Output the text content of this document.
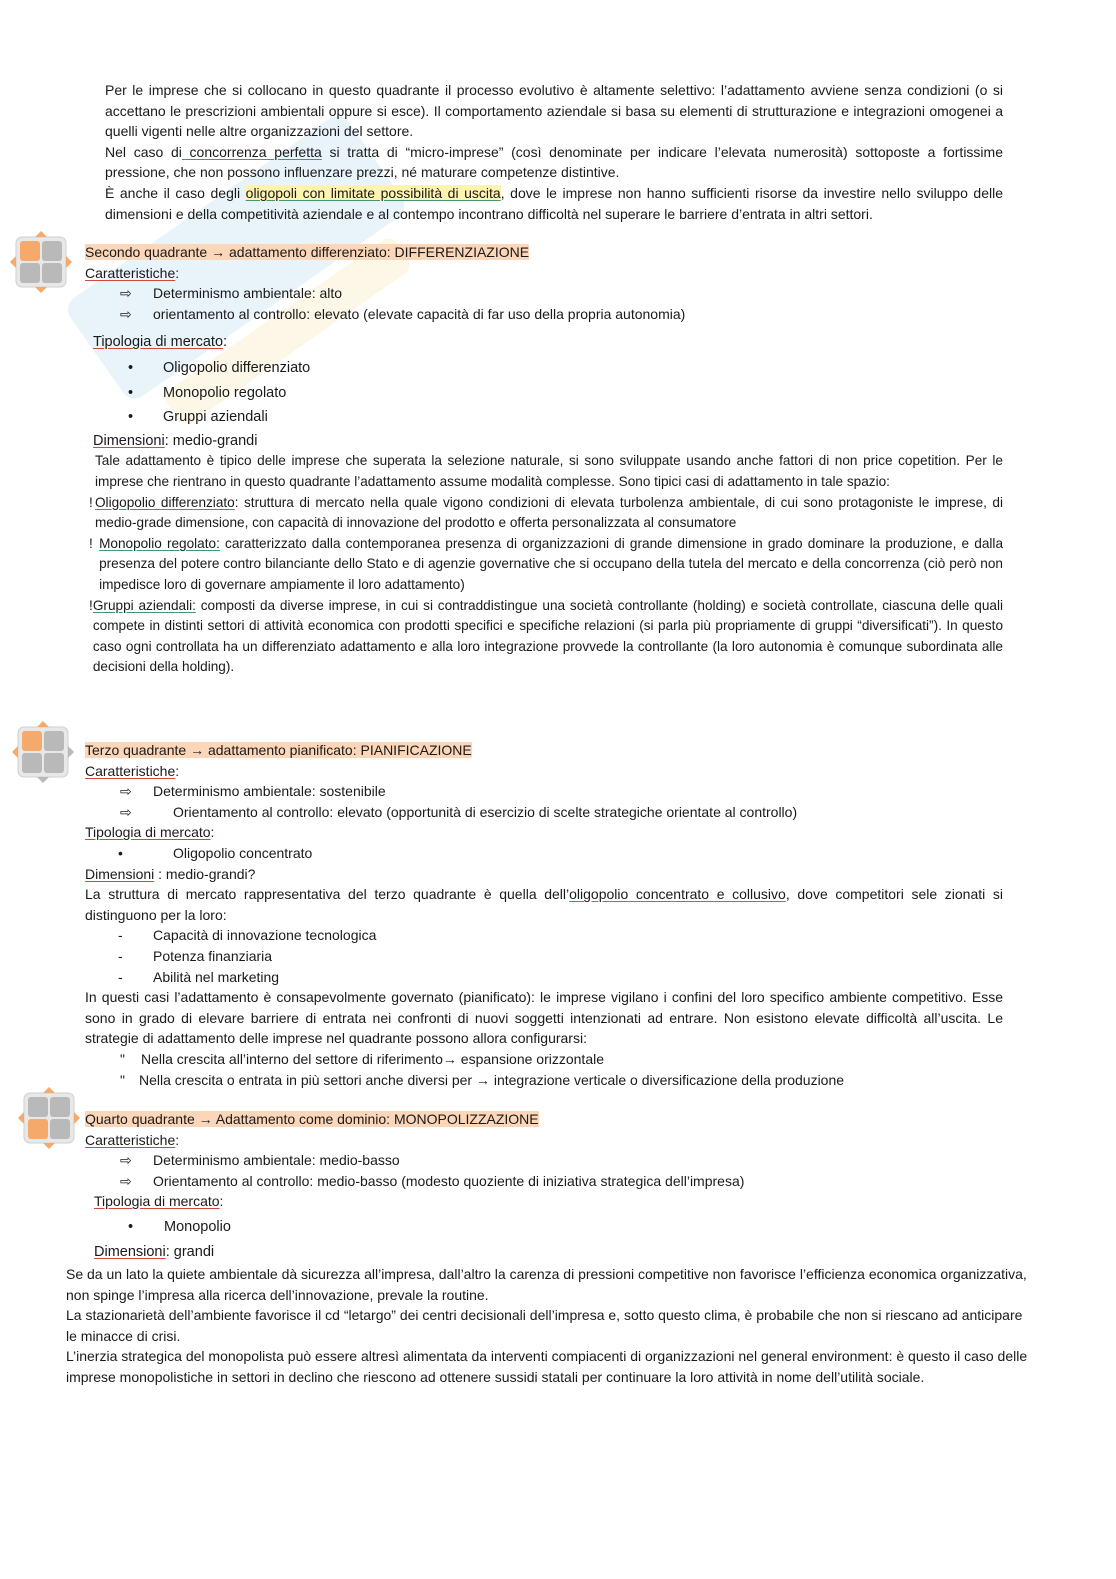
Per le imprese che si collocano in questo quadrante il processo evolutivo è altamente selettivo: l’adattamento avviene senza condizioni (o si accettano le prescrizioni ambientali oppure si esce). Il comportamento aziendale si basa su elementi di strutturazione e integrazioni omogenei a quelli vigenti nelle altre organizzazioni del settore.

Nel caso di concorrenza perfetta si tratta di “micro-imprese” (così denominate per indicare l’elevata numerosità) sottoposte a fortissime pressione, che non possono influenzare prezzi, né maturare competenze distintive.

È anche il caso degli oligopoli con limitate possibilità di uscita, dove le imprese non hanno sufficienti risorse da investire nello sviluppo delle dimensioni e della competitività aziendale e al contempo incontrano difficoltà nel superare le barriere d’entrata in altri settori.

Secondo quadrante → adattamento differenziato: DIFFERENZIAZIONE
Caratteristiche:
⇨	Determinismo ambientale: alto
⇨	orientamento al controllo: elevato (elevate capacità di far uso della propria autonomia)
Tipologia di mercato:
•	Oligopolio differenziato
•	Monopolio regolato
•	Gruppi aziendali
Dimensioni: medio-grandi

Tale adattamento è tipico delle imprese che superata la selezione naturale, si sono sviluppate usando anche fattori di non price copetition. Per le imprese che rientrano in questo quadrante l’adattamento assume modalità complesse. Sono tipici casi di adattamento in tale spazio:

! Oligopolio differenziato: struttura di mercato nella quale vigono condizioni di elevata turbolenza ambientale, di cui sono protagoniste le imprese, di medio-grade dimensione, con capacità di innovazione del prodotto e offerta personalizzata al consumatore
! Monopolio regolato: caratterizzato dalla contemporanea presenza di organizzazioni di grande dimensione in grado dominare la produzione, e dalla presenza del potere contro bilanciante dello Stato e di agenzie governative che si occupano della tutela del mercato e della concorrenza (ciò però non impedisce loro di governare ampiamente il loro adattamento)
! Gruppi aziendali: composti da diverse imprese, in cui si contraddistingue una società controllante (holding) e società controllate, ciascuna delle quali compete in distinti settori di attività economica con prodotti specifici e specifiche relazioni (si parla più propriamente di gruppi “diversificati”). In questo caso ogni controllata ha un differenziato adattamento e alla loro integrazione provvede la controllante (la loro autonomia è comunque subordinata alle decisioni della holding).
Terzo quadrante → adattamento pianificato: PIANIFICAZIONE
Caratteristiche:
⇨	Determinismo ambientale: sostenibile
⇨	Orientamento al controllo: elevato (opportunità di esercizio di scelte strategiche orientate al controllo)
Tipologia di mercato:
•	Oligopolio concentrato
Dimensioni : medio-grandi?

La struttura di mercato rappresentativa del terzo quadrante è quella dell’oligopolio concentrato e collusivo, dove competitori sele zionati si distinguono per la loro:

-	Capacità di innovazione tecnologica
-	Potenza finanziaria
-	Abilità nel marketing

In questi casi l’adattamento è consapevolmente governato (pianificato): le imprese vigilano i confini del loro specifico ambiente competitivo. Esse sono in grado di elevare barriere di entrata nei confronti di nuovi soggetti intenzionati ad entrare. Non esistono elevate difficoltà all’uscita. Le strategie di adattamento delle imprese nel quadrante possono allora configurarsi:

"	Nella crescita all’interno del settore di riferimento→ espansione orizzontale
"	Nella crescita o entrata in più settori anche diversi per → integrazione verticale o diversificazione della produzione
Quarto quadrante → Adattamento come dominio: MONOPOLIZZAZIONE
Caratteristiche:
⇨	Determinismo ambientale: medio-basso
⇨	Orientamento al controllo: medio-basso (modesto quoziente di iniziativa strategica dell’impresa)
Tipologia di mercato:
•	Monopolio
Dimensioni: grandi

Se da un lato la quiete ambientale dà sicurezza all’impresa, dall’altro la carenza di pressioni competitive non favorisce l’efficienza economica organizzativa, non spinge l’impresa alla ricerca dell’innovazione, prevale la routine.

La stazionarietà dell’ambiente favorisce il cd “letargo” dei centri decisionali dell’impresa e, sotto questo clima, è probabile che non si riescano ad anticipare le minacce di crisi.

L’inerzia strategica del monopolista può essere altresì alimentata da interventi compiacenti di organizzazioni nel general environment: è questo il caso delle imprese monopolistiche in settori in declino che riescono ad ottenere sussidi statali per continuare la loro attività in nome dell’utilità sociale.
